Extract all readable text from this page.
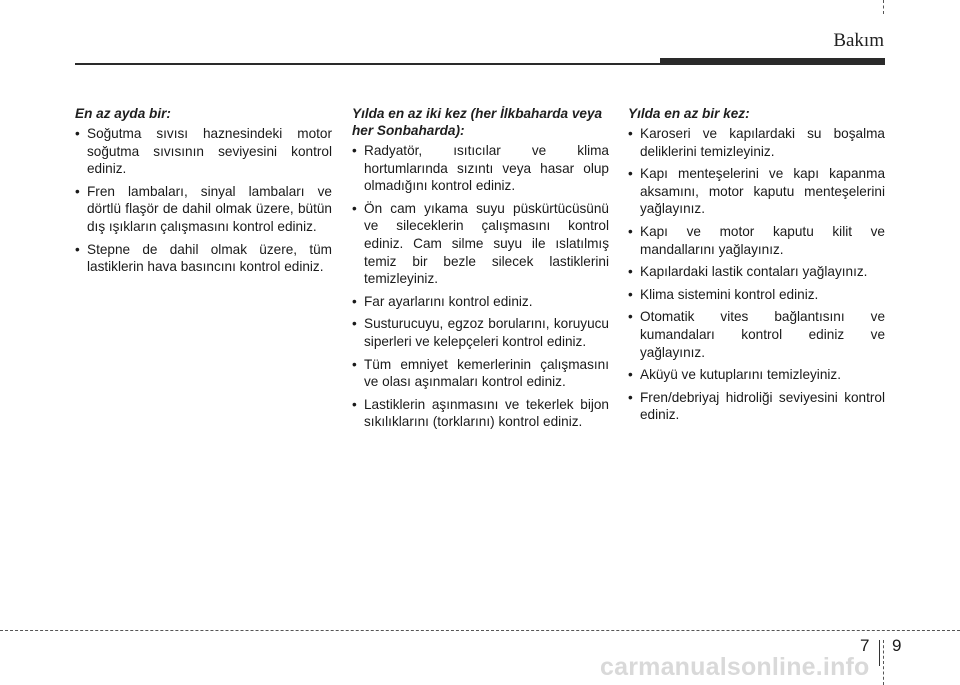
Bakım
En az ayda bir:
• Soğutma sıvısı haznesindeki motor soğutma sıvısının seviyesini kontrol ediniz.
• Fren lambaları, sinyal lambaları ve dörtlü flaşör de dahil olmak üzere, bütün dış ışıkların çalışmasını kontrol ediniz.
• Stepne de dahil olmak üzere, tüm lastiklerin hava basıncını kontrol ediniz.
Yılda en az iki kez (her İlkbaharda veya her Sonbaharda):
• Radyatör, ısıtıcılar ve klima hortumlarında sızıntı veya hasar olup olmadığını kontrol ediniz.
• Ön cam yıkama suyu püskürtücüsünü ve sileceklerin çalışmasını kontrol ediniz. Cam silme suyu ile ıslatılmış temiz bir bezle silecek lastiklerini temizleyiniz.
• Far ayarlarını kontrol ediniz.
• Susturucuyu, egzoz borularını, koruyucu siperleri ve kelepçeleri kontrol ediniz.
• Tüm emniyet kemerlerinin çalışmasını ve olası aşınmaları kontrol ediniz.
• Lastiklerin aşınmasını ve tekerlek bijon sıkılıklarını (torklarını) kontrol ediniz.
Yılda en az bir kez:
• Karoseri ve kapılardaki su boşalma deliklerini temizleyiniz.
• Kapı menteşelerini ve kapı kapanma aksamını, motor kaputu menteşelerini yağlayınız.
• Kapı ve motor kaputu kilit ve mandallarını yağlayınız.
• Kapılardaki lastik contaları yağlayınız.
• Klima sistemini kontrol ediniz.
• Otomatik vites bağlantısını ve kumandaları kontrol ediniz ve yağlayınız.
• Aküyü ve kutuplarını temizleyiniz.
• Fren/debriyaj hidroliği seviyesini kontrol ediniz.
7 9
carmanualsonline.info
